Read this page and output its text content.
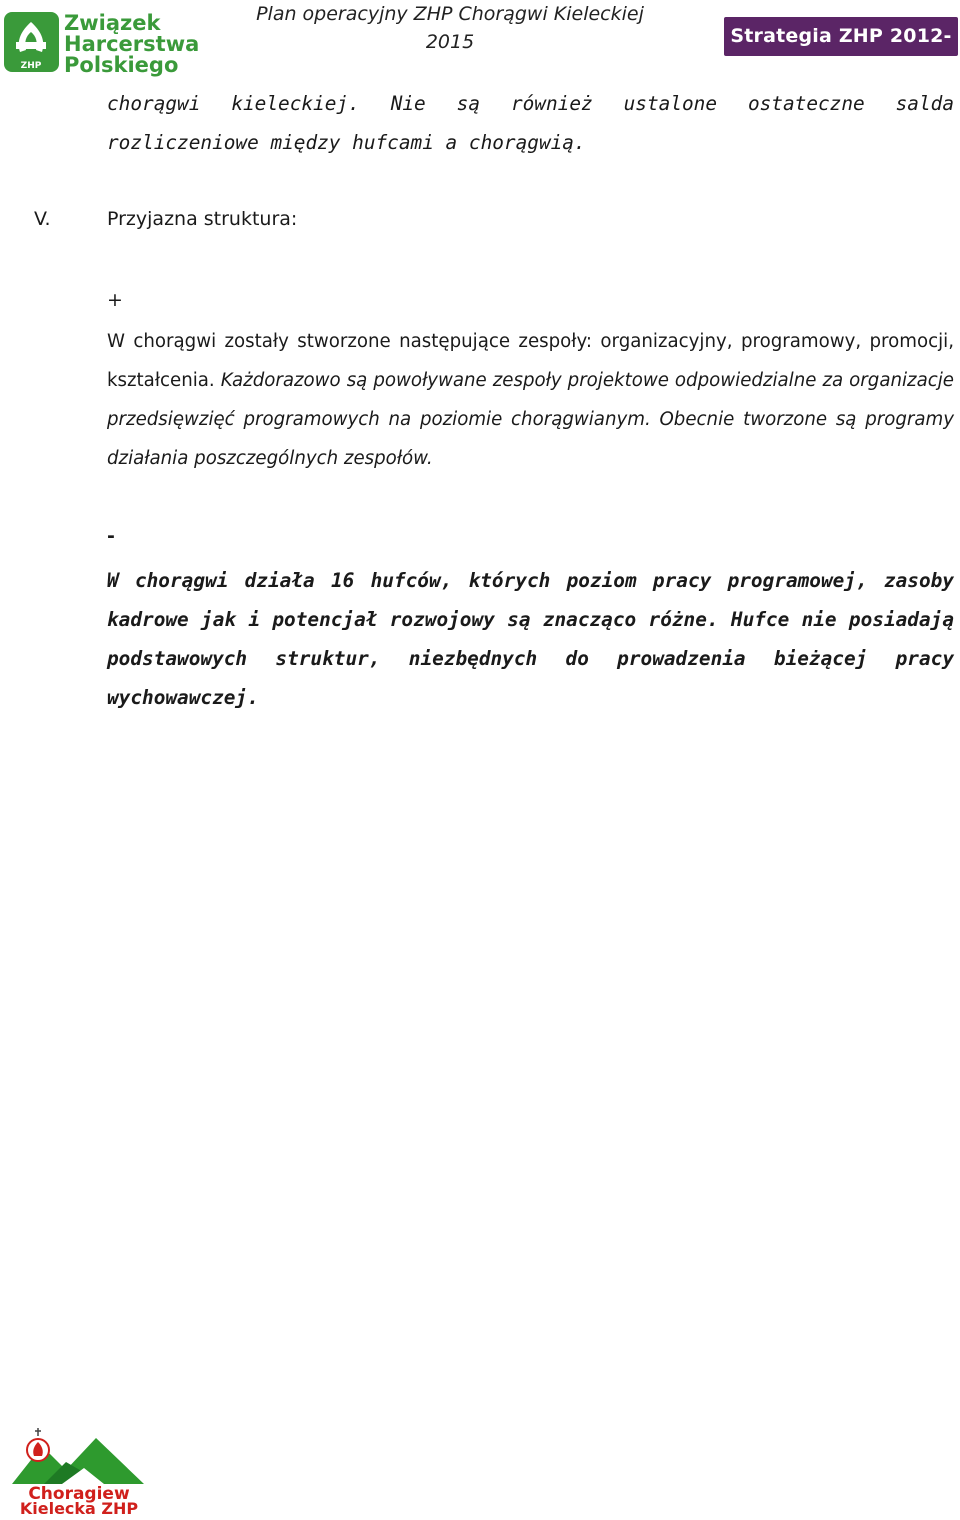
ZHP
Związek
Harcerstwa
Polskiego
Plan operacyjny ZHP Chorągwi Kieleckiej
2015	Strategia ZHP 2012-2017

chorągwi kieleckiej. Nie są również ustalone ostateczne salda rozliczeniowe między hufcami a chorągwią.

+

W chorągwi zostały stworzone następujące zespoły: organizacyjny, programowy, promocji, kształcenia. Każdorazowo są powoływane zespoły projektowe odpowiedzialne za organizacje przedsięwzięć programowych na poziomie chorągwianym. Obecnie tworzone są programy działania poszczególnych zespołów.

-

W chorągwi działa 16 hufców, których poziom pracy programowej, zasoby kadrowe jak i potencjał rozwojowy są znacząco różne. Hufce nie posiadają podstawowych struktur, niezbędnych do prowadzenia bieżącej pracy wychowawczej.

V.	Przyjazna struktura:
Choragiew
Kielecka ZHP
